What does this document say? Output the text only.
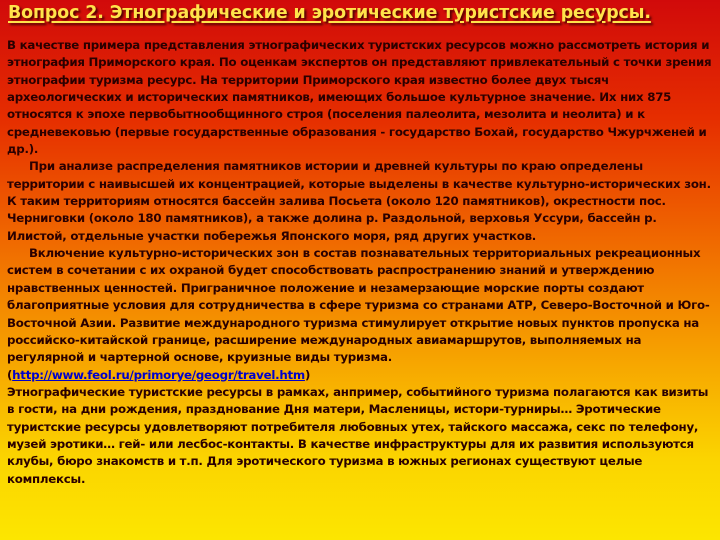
Вопрос 2. Этнографические и эротические туристские ресурсы.

В качестве примера представления этнографических туристских ресурсов можно рассмотреть история и этнография Приморского края. По оценкам экспертов он представляют привлекательный с точки зрения этнографии туризма ресурс. На территории Приморского края известно более двух тысяч археологических и исторических памятников, имеющих большое культурное значение. Их них 875 относятся к эпохе первобытнообщинного строя (поселения палеолита, мезолита и неолита) и к средневековью (первые государственные образования - государство Бохай, государство Чжурчженей и др.).

При анализе распределения памятников истории и древней культуры по краю определены территории с наивысшей их концентрацией, которые выделены в качестве культурно-исторических зон. К таким территориям относятся бассейн залива Посьета (около 120 памятников), окрестности пос. Черниговки (около 180 памятников), а также долина р. Раздольной, верховья Уссури, бассейн р. Илистой, отдельные участки побережья Японского моря, ряд других участков.

Включение культурно-исторических зон в состав познавательных территориальных рекреационных систем в сочетании с их охраной будет способствовать распространению знаний и утверждению нравственных ценностей. Приграничное положение и незамерзающие морские порты создают благоприятные условия для сотрудничества в сфере туризма со странами АТР, Северо-Восточной и Юго-Восточной Азии. Развитие международного туризма стимулирует открытие новых пунктов пропуска на российско-китайской границе, расширение международных авиамаршрутов, выполняемых на регулярной и чартерной основе, круизные виды туризма.

(http://www.feol.ru/primorye/geogr/travel.htm)

Этнографические туристские ресурсы в рамках, анпример, событийного туризма полагаются как визиты в гости, на дни рождения, празднование Дня матери, Масленицы, истори-турниры… Эротические туристские ресурсы удовлетворяют потребителя любовных утех, тайского массажа, секс по телефону, музей эротики… гей- или лесбос-контакты. В качестве инфраструктуры для их развития используются клубы, бюро знакомств и т.п. Для эротического туризма в южных регионах существуют целые комплексы.
